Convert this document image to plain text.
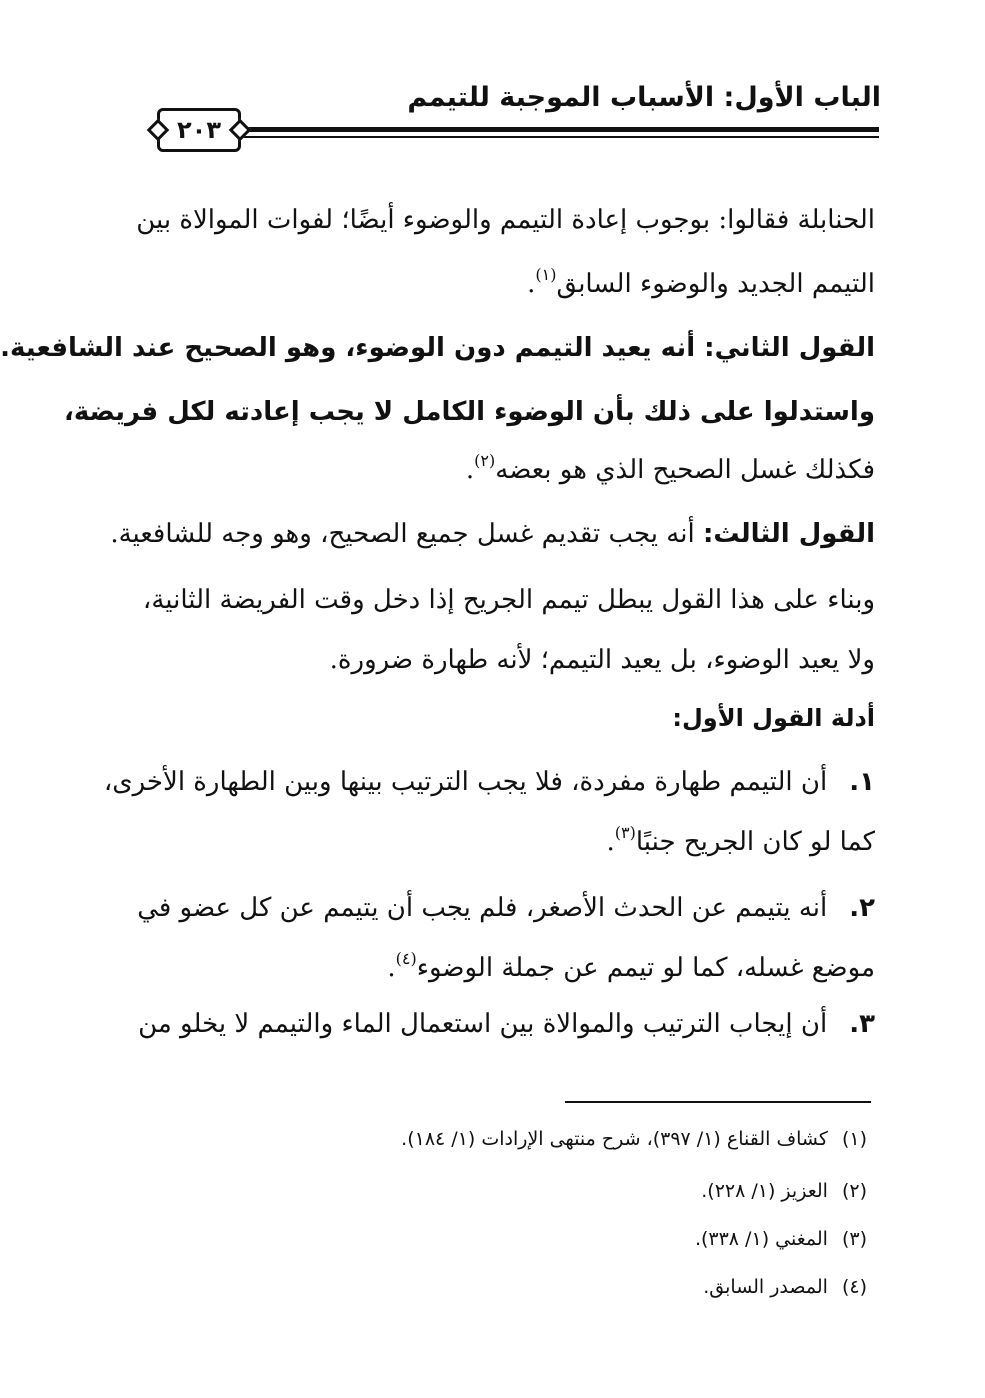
الباب الأول: الأسباب الموجبة للتيمم
٢٠٣
الحنابلة فقالوا: بوجوب إعادة التيمم والوضوء أيضًا؛ لفوات الموالاة بين
التيمم الجديد والوضوء السابق$^{(١)}$.
القول الثاني: أنه يعيد التيمم دون الوضوء، وهو الصحيح عند الشافعية.
واستدلوا على ذلك بأن الوضوء الكامل لا يجب إعادته لكل فريضة،
فكذلك غسل الصحيح الذي هو بعضه$^{(٢)}$.
القول الثالث: أنه يجب تقديم غسل جميع الصحيح، وهو وجه للشافعية.
وبناء على هذا القول يبطل تيمم الجريح إذا دخل وقت الفريضة الثانية،
ولا يعيد الوضوء، بل يعيد التيمم؛ لأنه طهارة ضرورة.
أدلة القول الأول:
١.أن التيمم طهارة مفردة، فلا يجب الترتيب بينها وبين الطهارة الأخرى،
كما لو كان الجريح جنبًا$^{(٣)}$.
٢.أنه يتيمم عن الحدث الأصغر، فلم يجب أن يتيمم عن كل عضو في
موضع غسله، كما لو تيمم عن جملة الوضوء$^{(٤)}$.
٣.أن إيجاب الترتيب والموالاة بين استعمال الماء والتيمم لا يخلو من
(١)كشاف القناع (١/ ٣٩٧)، شرح منتهى الإرادات (١/ ١٨٤).
(٢)العزيز (١/ ٢٢٨).
(٣)المغني (١/ ٣٣٨).
(٤)المصدر السابق.
